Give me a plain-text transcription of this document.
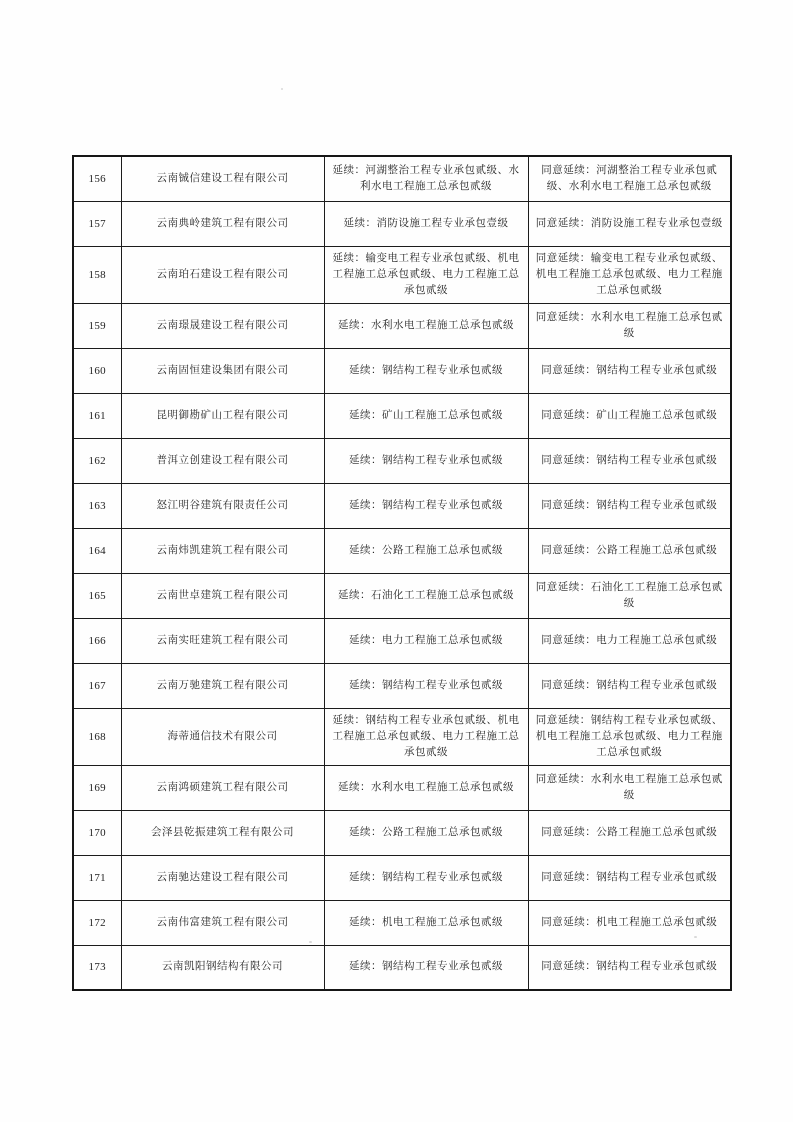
156	云南铖信建设工程有限公司	延续：河湖整治工程专业承包贰级、水利水电工程施工总承包贰级	同意延续：河湖整治工程专业承包贰级、水利水电工程施工总承包贰级
157	云南典岭建筑工程有限公司	延续：消防设施工程专业承包壹级	同意延续：消防设施工程专业承包壹级
158	云南珀石建设工程有限公司	延续：输变电工程专业承包贰级、机电工程施工总承包贰级、电力工程施工总承包贰级	同意延续：输变电工程专业承包贰级、机电工程施工总承包贰级、电力工程施工总承包贰级
159	云南璟晟建设工程有限公司	延续：水利水电工程施工总承包贰级	同意延续：水利水电工程施工总承包贰级
160	云南固恒建设集团有限公司	延续：钢结构工程专业承包贰级	同意延续：钢结构工程专业承包贰级
161	昆明御勘矿山工程有限公司	延续：矿山工程施工总承包贰级	同意延续：矿山工程施工总承包贰级
162	普洱立创建设工程有限公司	延续：钢结构工程专业承包贰级	同意延续：钢结构工程专业承包贰级
163	怒江明谷建筑有限责任公司	延续：钢结构工程专业承包贰级	同意延续：钢结构工程专业承包贰级
164	云南炜凯建筑工程有限公司	延续：公路工程施工总承包贰级	同意延续：公路工程施工总承包贰级
165	云南世卓建筑工程有限公司	延续：石油化工工程施工总承包贰级	同意延续：石油化工工程施工总承包贰级
166	云南实旺建筑工程有限公司	延续：电力工程施工总承包贰级	同意延续：电力工程施工总承包贰级
167	云南万驰建筑工程有限公司	延续：钢结构工程专业承包贰级	同意延续：钢结构工程专业承包贰级
168	海蒂通信技术有限公司	延续：钢结构工程专业承包贰级、机电工程施工总承包贰级、电力工程施工总承包贰级	同意延续：钢结构工程专业承包贰级、机电工程施工总承包贰级、电力工程施工总承包贰级
169	云南鸿硕建筑工程有限公司	延续：水利水电工程施工总承包贰级	同意延续：水利水电工程施工总承包贰级
170	会泽县乾振建筑工程有限公司	延续：公路工程施工总承包贰级	同意延续：公路工程施工总承包贰级
171	云南驰达建设工程有限公司	延续：钢结构工程专业承包贰级	同意延续：钢结构工程专业承包贰级
172	云南伟富建筑工程有限公司	延续：机电工程施工总承包贰级	同意延续：机电工程施工总承包贰级
173	云南凯阳钢结构有限公司	延续：钢结构工程专业承包贰级	同意延续：钢结构工程专业承包贰级
